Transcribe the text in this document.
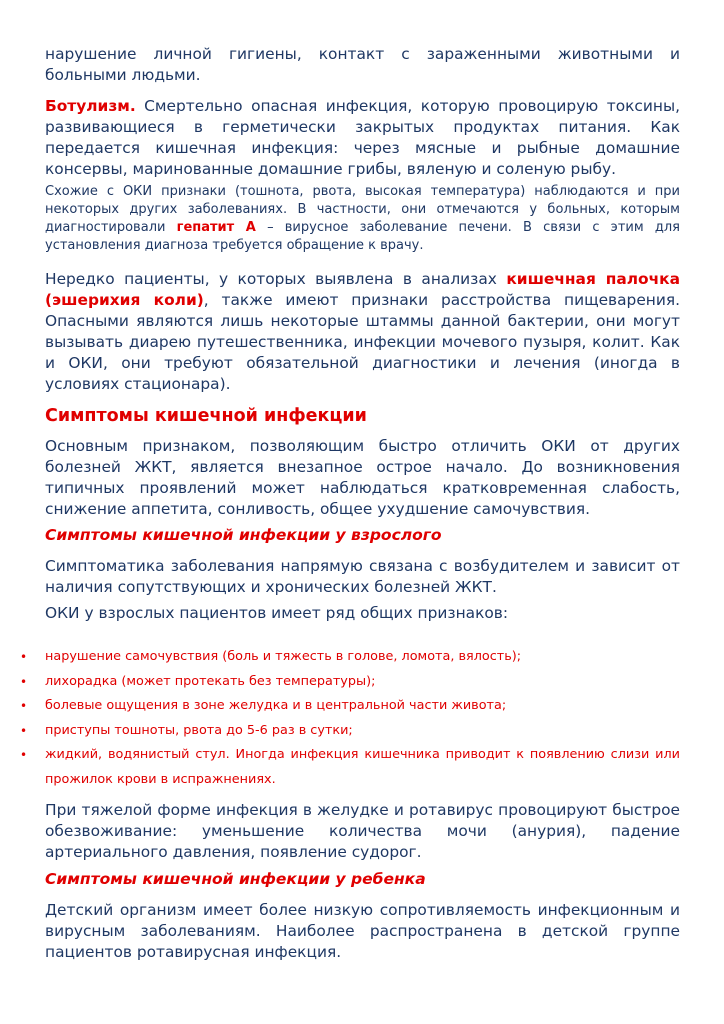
нарушение личной гигиены, контакт с зараженными животными и больными людьми.

Ботулизм. Смертельно опасная инфекция, которую провоцирую токсины, развивающиеся в герметически закрытых продуктах питания. Как передается кишечная инфекция: через мясные и рыбные домашние консервы, маринованные домашние грибы, вяленую и соленую рыбу.

Схожие с ОКИ признаки (тошнота, рвота, высокая температура) наблюдаются и при некоторых других заболеваниях. В частности, они отмечаются у больных, которым диагностировали гепатит А – вирусное заболевание печени. В связи с этим для установления диагноза требуется обращение к врачу.

Нередко пациенты, у которых выявлена в анализах кишечная палочка (эшерихия коли), также имеют признаки расстройства пищеварения. Опасными являются лишь некоторые штаммы данной бактерии, они могут вызывать диарею путешественника, инфекции мочевого пузыря, колит. Как и ОКИ, они требуют обязательной диагностики и лечения (иногда в условиях стационара).

Симптомы кишечной инфекции

Основным признаком, позволяющим быстро отличить ОКИ от других болезней ЖКТ, является внезапное острое начало. До возникновения типичных проявлений может наблюдаться кратковременная слабость, снижение аппетита, сонливость, общее ухудшение самочувствия.

Симптомы кишечной инфекции у взрослого

Симптоматика заболевания напрямую связана с возбудителем и зависит от наличия сопутствующих и хронических болезней ЖКТ.

ОКИ у взрослых пациентов имеет ряд общих признаков:

• нарушение самочувствия (боль и тяжесть в голове, ломота, вялость);
• лихорадка (может протекать без температуры);
• болевые ощущения в зоне желудка и в центральной части живота;
• приступы тошноты, рвота до 5-6 раз в сутки;
• жидкий, водянистый стул. Иногда инфекция кишечника приводит к появлению слизи или прожилок крови в испражнениях.

При тяжелой форме инфекция в желудке и ротавирус провоцируют быстрое обезвоживание: уменьшение количества мочи (анурия), падение артериального давления, появление судорог.

Симптомы кишечной инфекции у ребенка

Детский организм имеет более низкую сопротивляемость инфекционным и вирусным заболеваниям. Наиболее распространена в детской группе пациентов ротавирусная инфекция.
